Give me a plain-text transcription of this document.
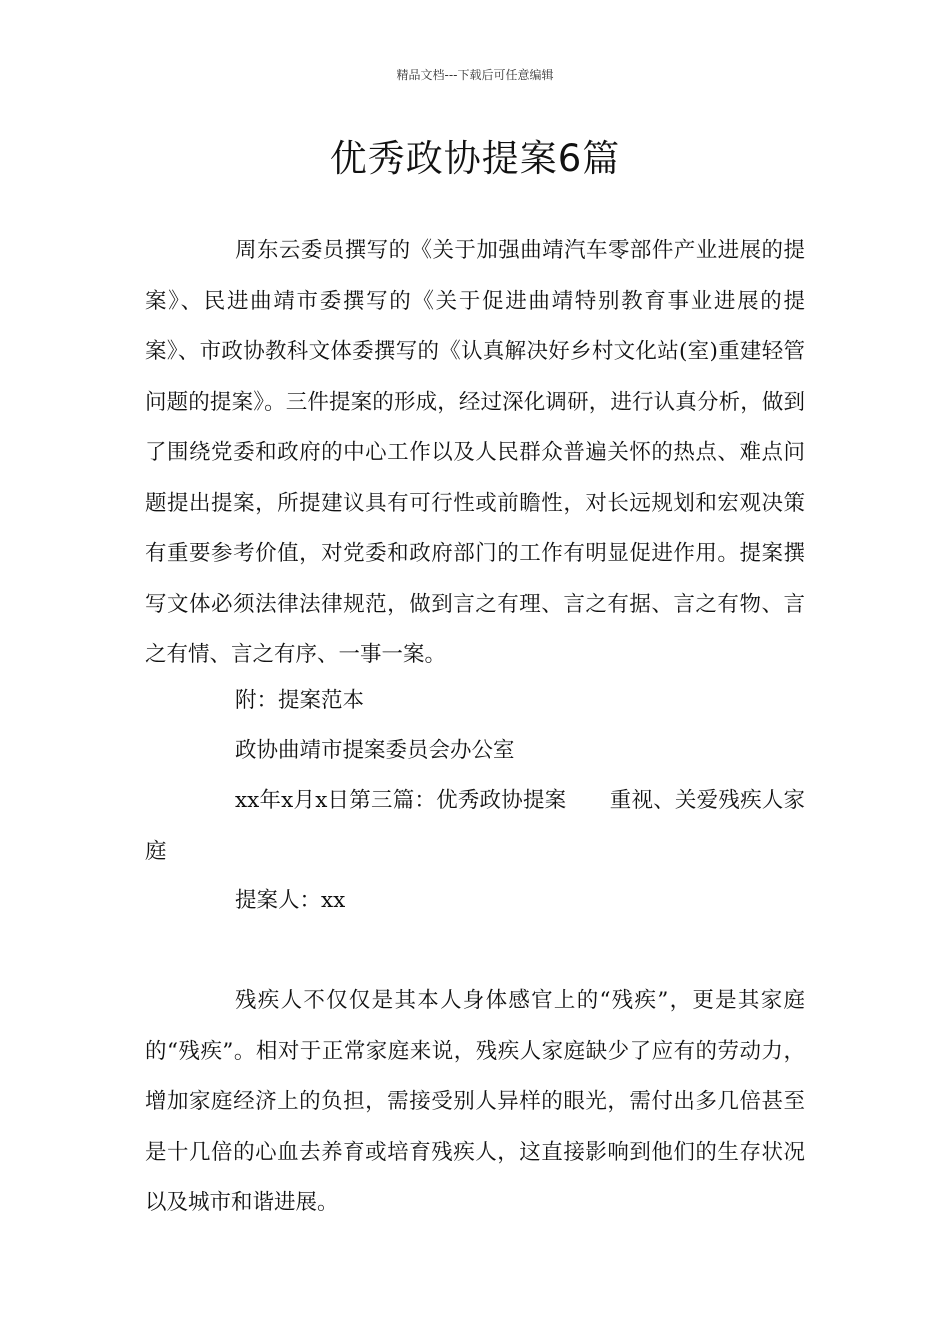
精品文档---下载后可任意编辑
优秀政协提案6篇

周东云委员撰写的《关于加强曲靖汽车零部件产业进展的提案》、民进曲靖市委撰写的《关于促进曲靖特别教育事业进展的提案》、市政协教科文体委撰写的《认真解决好乡村文化站(室)重建轻管问题的提案》。三件提案的形成，经过深化调研，进行认真分析，做到了围绕党委和政府的中心工作以及人民群众普遍关怀的热点、难点问题提出提案，所提建议具有可行性或前瞻性，对长远规划和宏观决策有重要参考价值，对党委和政府部门的工作有明显促进作用。提案撰写文体必须法律法律规范，做到言之有理、言之有据、言之有物、言之有情、言之有序、一事一案。

附：提案范本

政协曲靖市提案委员会办公室

xx年x月x日第三篇：优秀政协提案　　重视、关爱残疾人家庭

提案人：xx

残疾人不仅仅是其本人身体感官上的“残疾”，更是其家庭的“残疾”。相对于正常家庭来说，残疾人家庭缺少了应有的劳动力，增加家庭经济上的负担，需接受别人异样的眼光，需付出多几倍甚至是十几倍的心血去养育或培育残疾人，这直接影响到他们的生存状况以及城市和谐进展。
